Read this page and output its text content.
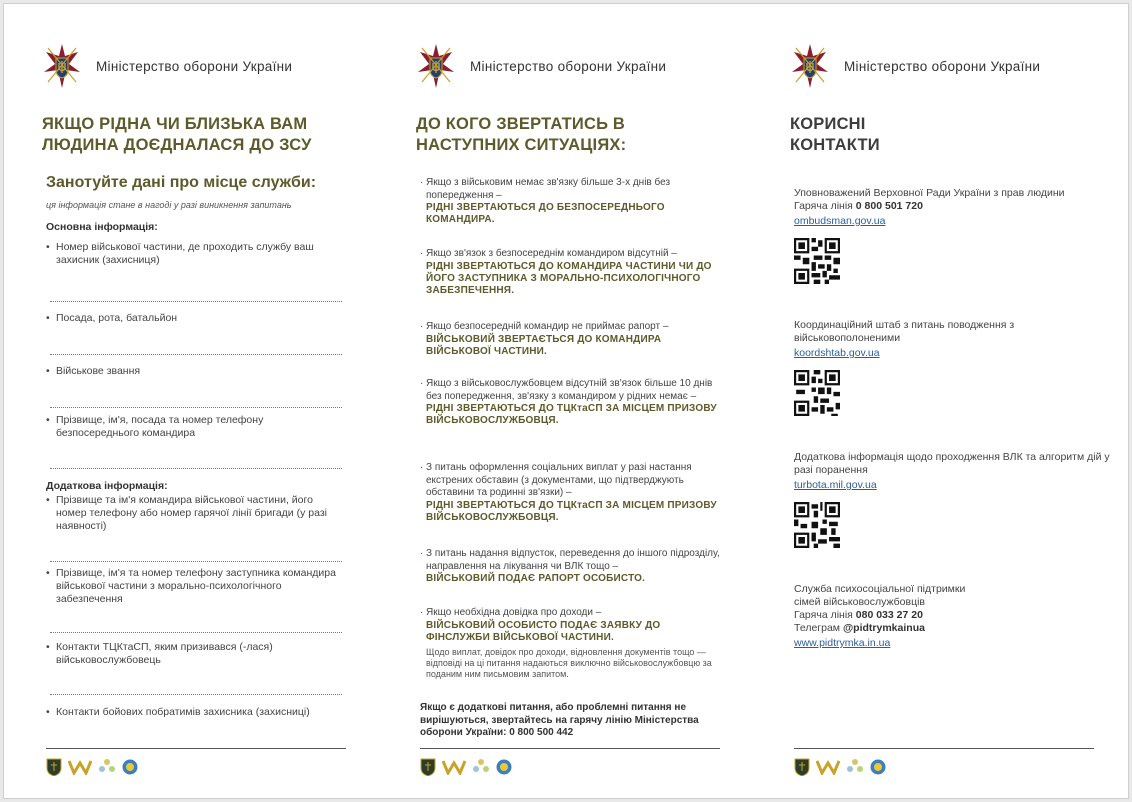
Міністерство оборони України
ЯКЩО РІДНА ЧИ БЛИЗЬКА ВАМ
ЛЮДИНА ДОЄДНАЛАСЯ ДО ЗСУ
Занотуйте дані про місце служби:
ця інформація стане в нагоді у разі виникнення запитань
Основна інформація:
• Номер військової частини, де проходить службу ваш захисник (захисниця)
• Посада, рота, батальйон
• Військове звання
• Прізвище, ім'я, посада та номер телефону безпосереднього командира
Додаткова інформація:
• Прізвище та ім'я командира військової частини, його номер телефону або номер гарячої лінії бригади (у разі наявності)
• Прізвище, ім'я та номер телефону заступника командира військової частини з морально-психологічного забезпечення
• Контакти ТЦКтаСП, яким призивався (-лася) військовослужбовець
• Контакти бойових побратимів захисника (захисниці)
Міністерство оборони України
ДО КОГО ЗВЕРТАТИСЬ В
НАСТУПНИХ СИТУАЦІЯХ:
· Якщо з військовим немає зв'язку більше 3-х днів без попередження –
РІДНІ ЗВЕРТАЮТЬСЯ ДО БЕЗПОСЕРЕДНЬОГО КОМАНДИРА.
· Якщо зв'язок з безпосереднім командиром відсутній –
РІДНІ ЗВЕРТАЮТЬСЯ ДО КОМАНДИРА ЧАСТИНИ ЧИ ДО ЙОГО ЗАСТУПНИКА З МОРАЛЬНО-ПСИХОЛОГІЧНОГО ЗАБЕЗПЕЧЕННЯ.
· Якщо безпосередній командир не приймає рапорт –
ВІЙСЬКОВИЙ ЗВЕРТАЄТЬСЯ ДО КОМАНДИРА ВІЙСЬКОВОЇ ЧАСТИНИ.
· Якщо з військовослужбовцем відсутній зв'язок більше 10 днів без попередження, зв'язку з командиром у рідних немає –
РІДНІ ЗВЕРТАЮТЬСЯ ДО ТЦКтаСП ЗА МІСЦЕМ ПРИЗОВУ ВІЙСЬКОВОСЛУЖБОВЦЯ.
· З питань оформлення соціальних виплат у разі настання екстрених обставин (з документами, що підтверджують обставини та родинні зв'язки) –
РІДНІ ЗВЕРТАЮТЬСЯ ДО ТЦКтаСП ЗА МІСЦЕМ ПРИЗОВУ ВІЙСЬКОВОСЛУЖБОВЦЯ.
· З питань надання відпусток, переведення до іншого підрозділу, направлення на лікування чи ВЛК тощо –
ВІЙСЬКОВИЙ ПОДАЄ РАПОРТ ОСОБИСТО.
· Якщо необхідна довідка про доходи –
ВІЙСЬКОВИЙ ОСОБИСТО ПОДАЄ ЗАЯВКУ ДО ФІНСЛУЖБИ ВІЙСЬКОВОЇ ЧАСТИНИ.
Щодо виплат, довідок про доходи, відновлення документів тощо — відповіді на ці питання надаються виключно військовослужбовцю за поданим ним письмовим запитом.
Якщо є додаткові питання, або проблемні питання не вирішуються, звертайтесь на гарячу лінію Міністерства оборони України: 0 800 500 442
Міністерство оборони України
КОРИСНІ
КОНТАКТИ
Уповноважений Верховної Ради України з прав людини
Гаряча лінія 0 800 501 720
ombudsman.gov.ua
Координаційний штаб з питань поводження з військовополоненими
koordshtab.gov.ua
Додаткова інформація щодо проходження ВЛК та алгоритм дій у разі поранення
turbota.mil.gov.ua
Служба психосоціальної підтримки
сімей військовослужбовців
Гаряча лінія 080 033 27 20
Телеграм @pidtrymkainua
www.pidtrymka.in.ua
